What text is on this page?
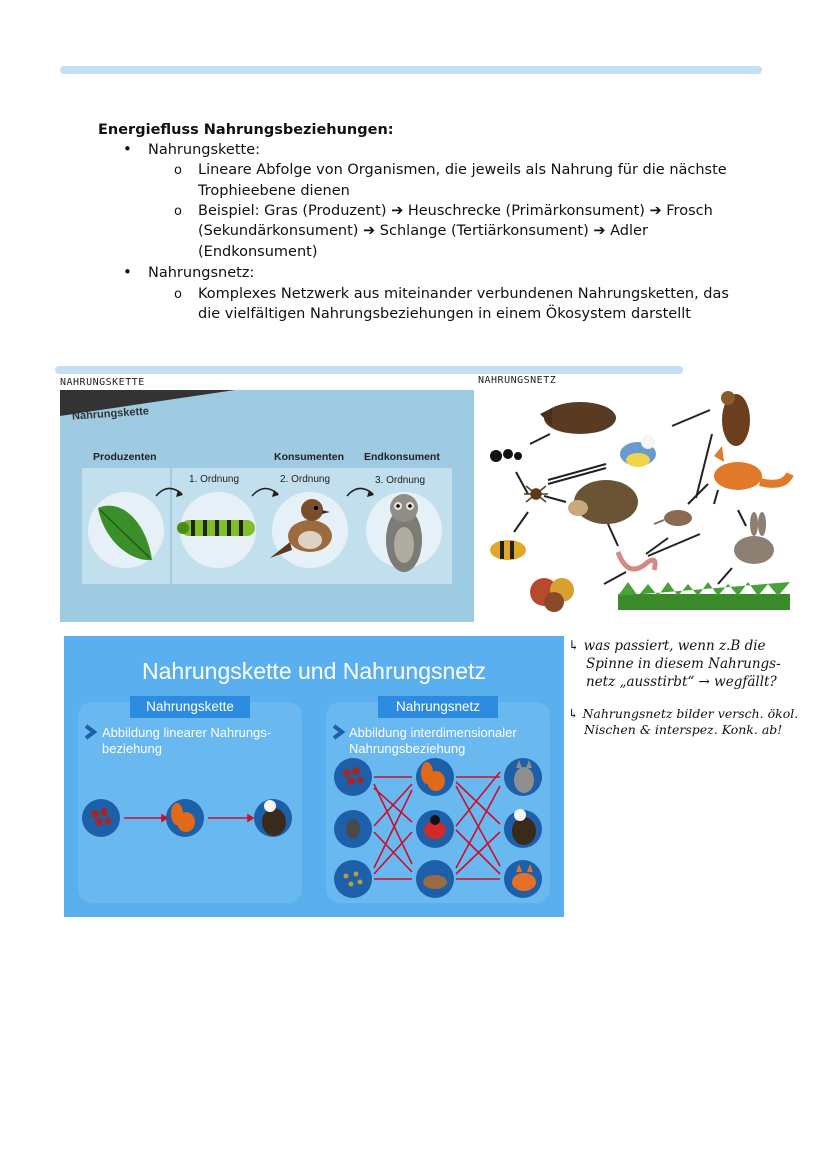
Energiefluss Nahrungsbeziehungen:
• Nahrungskette:
o Lineare Abfolge von Organismen, die jeweils als Nahrung für die nächste
Trophieebene dienen
o Beispiel: Gras (Produzent) ➔ Heuschrecke (Primärkonsument) ➔ Frosch
(Sekundärkonsument) ➔ Schlange (Tertiärkonsument) ➔ Adler
(Endkonsument)
• Nahrungsnetz:
o Komplexes Netzwerk aus miteinander verbundenen Nahrungsketten, das
die vielfältigen Nahrungsbeziehungen in einem Ökosystem darstellt
NAHRUNGSKETTE	NAHRUNGSNETZ
Nahrungskette
Produzenten	Konsumenten Endkonsument
1. Ordnung	2. Ordnung	3. Ordnung
Nahrungskette und Nahrungsnetz
Nahrungskette	Nahrungsnetz
Abbildung linearer Nahrungs-
beziehung
Abbildung interdimensionaler
Nahrungsbeziehung
↳ was passiert, wenn z.B die
Spinne in diesem Nahrungs-
netz „ausstirbt“ → wegfällt?
↳ Nahrungsnetz bilder versch. ökol.
Nischen & interspez. Konk. ab!
